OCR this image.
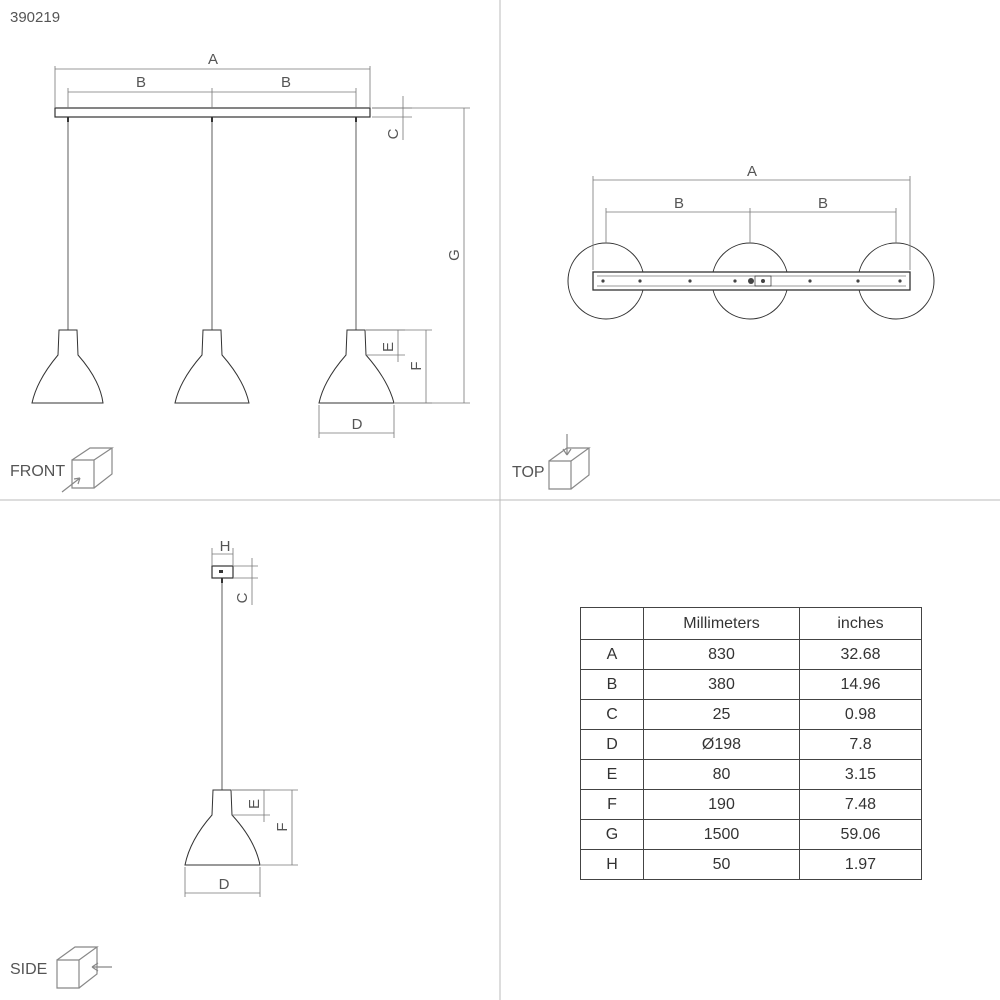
390219
A
B	B
C
G
E
F
D
FRONT
A
B	B
TOP
H
C
E
F
D
SIDE
	Millimeters	inches
A	830	32.68
B	380	14.96
C	25	0.98
D	Ø198	7.8
E	80	3.15
F	190	7.48
G	1500	59.06
H	50	1.97
